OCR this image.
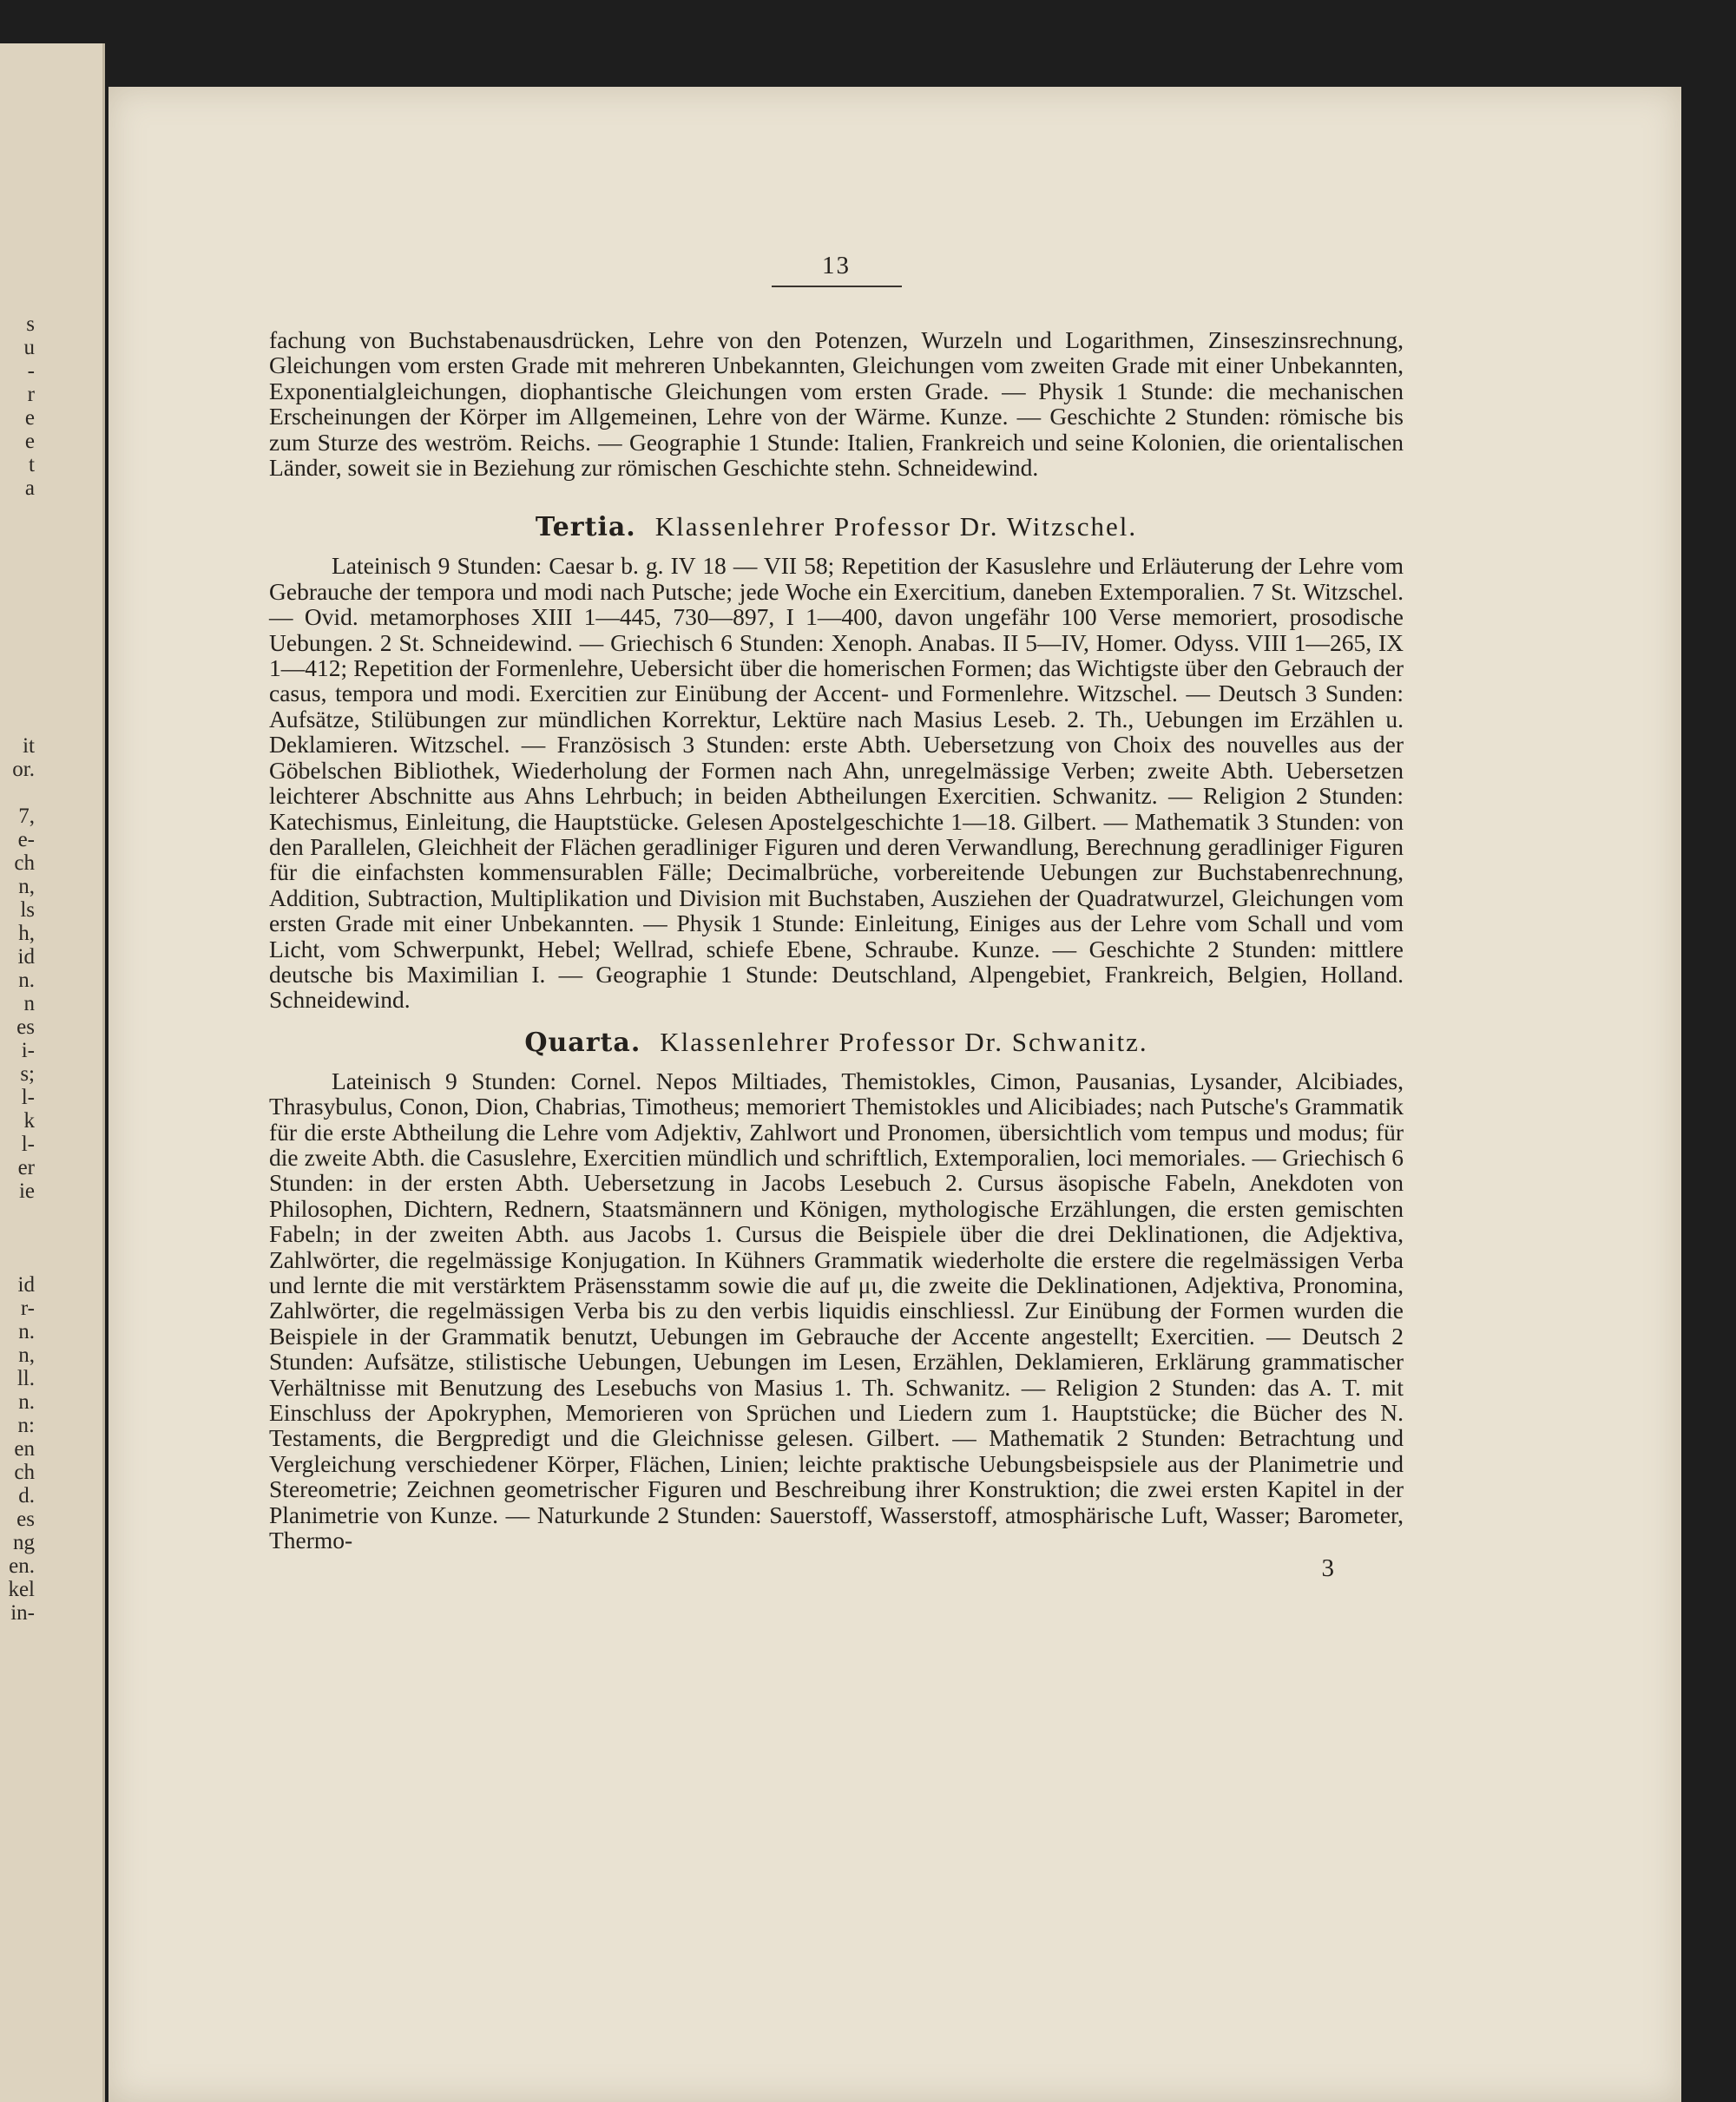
s
u
-
r
e
e
t
a

it
or.

7,
e-
ch
n,
ls
h,
id
n.
n
es
i-
s;
l-
k
l-
er
ie

id
r-
n.
n,
ll.
n.
n:
en
ch
d.
es
ng
en.
kel
in-
13

fachung von Buchstabenausdrücken, Lehre von den Potenzen, Wurzeln und Logarithmen, Zinseszinsrechnung, Gleichungen vom ersten Grade mit mehreren Unbekannten, Gleichungen vom zweiten Grade mit einer Unbekannten, Exponentialgleichungen, diophantische Gleichungen vom ersten Grade. — Physik 1 Stunde: die mechanischen Erscheinungen der Körper im Allgemeinen, Lehre von der Wärme. Kunze. — Geschichte 2 Stunden: römische bis zum Sturze des weström. Reichs. — Geographie 1 Stunde: Italien, Frankreich und seine Kolonien, die orientalischen Länder, soweit sie in Beziehung zur römischen Geschichte stehn. Schneidewind.

Tertia. Klassenlehrer Professor Dr. Witzschel.

Lateinisch 9 Stunden: Caesar b. g. IV 18 — VII 58; Repetition der Kasuslehre und Erläuterung der Lehre vom Gebrauche der tempora und modi nach Putsche; jede Woche ein Exercitium, daneben Extemporalien. 7 St. Witzschel. — Ovid. metamorphoses XIII 1—445, 730—897, I 1—400, davon ungefähr 100 Verse memoriert, prosodische Uebungen. 2 St. Schneidewind. — Griechisch 6 Stunden: Xenoph. Anabas. II 5—IV, Homer. Odyss. VIII 1—265, IX 1—412; Repetition der Formenlehre, Uebersicht über die homerischen Formen; das Wichtigste über den Gebrauch der casus, tempora und modi. Exercitien zur Einübung der Accent- und Formenlehre. Witzschel. — Deutsch 3 Sunden: Aufsätze, Stilübungen zur mündlichen Korrektur, Lektüre nach Masius Leseb. 2. Th., Uebungen im Erzählen u. Deklamieren. Witzschel. — Französisch 3 Stunden: erste Abth. Uebersetzung von Choix des nouvelles aus der Göbelschen Bibliothek, Wiederholung der Formen nach Ahn, unregelmässige Verben; zweite Abth. Uebersetzen leichterer Abschnitte aus Ahns Lehrbuch; in beiden Abtheilungen Exercitien. Schwanitz. — Religion 2 Stunden: Katechismus, Einleitung, die Hauptstücke. Gelesen Apostelgeschichte 1—18. Gilbert. — Mathematik 3 Stunden: von den Parallelen, Gleichheit der Flächen geradliniger Figuren und deren Verwandlung, Berechnung geradliniger Figuren für die einfachsten kommensurablen Fälle; Decimalbrüche, vorbereitende Uebungen zur Buchstabenrechnung, Addition, Subtraction, Multiplikation und Division mit Buchstaben, Ausziehen der Quadratwurzel, Gleichungen vom ersten Grade mit einer Unbekannten. — Physik 1 Stunde: Einleitung, Einiges aus der Lehre vom Schall und vom Licht, vom Schwerpunkt, Hebel; Wellrad, schiefe Ebene, Schraube. Kunze. — Geschichte 2 Stunden: mittlere deutsche bis Maximilian I. — Geographie 1 Stunde: Deutschland, Alpengebiet, Frankreich, Belgien, Holland. Schneidewind.

Quarta. Klassenlehrer Professor Dr. Schwanitz.

Lateinisch 9 Stunden: Cornel. Nepos Miltiades, Themistokles, Cimon, Pausanias, Lysander, Alcibiades, Thrasybulus, Conon, Dion, Chabrias, Timotheus; memoriert Themistokles und Alicibiades; nach Putsche's Grammatik für die erste Abtheilung die Lehre vom Adjektiv, Zahlwort und Pronomen, übersichtlich vom tempus und modus; für die zweite Abth. die Casuslehre, Exercitien mündlich und schriftlich, Extemporalien, loci memoriales. — Griechisch 6 Stunden: in der ersten Abth. Uebersetzung in Jacobs Lesebuch 2. Cursus äsopische Fabeln, Anekdoten von Philosophen, Dichtern, Rednern, Staatsmännern und Königen, mythologische Erzählungen, die ersten gemischten Fabeln; in der zweiten Abth. aus Jacobs 1. Cursus die Beispiele über die drei Deklinationen, die Adjektiva, Zahlwörter, die regelmässige Konjugation. In Kühners Grammatik wiederholte die erstere die regelmässigen Verba und lernte die mit verstärktem Präsensstamm sowie die auf μι, die zweite die Deklinationen, Adjektiva, Pronomina, Zahlwörter, die regelmässigen Verba bis zu den verbis liquidis einschliessl. Zur Einübung der Formen wurden die Beispiele in der Grammatik benutzt, Uebungen im Gebrauche der Accente angestellt; Exercitien. — Deutsch 2 Stunden: Aufsätze, stilistische Uebungen, Uebungen im Lesen, Erzählen, Deklamieren, Erklärung grammatischer Verhältnisse mit Benutzung des Lesebuchs von Masius 1. Th. Schwanitz. — Religion 2 Stunden: das A. T. mit Einschluss der Apokryphen, Memorieren von Sprüchen und Liedern zum 1. Hauptstücke; die Bücher des N. Testaments, die Bergpredigt und die Gleichnisse gelesen. Gilbert. — Mathematik 2 Stunden: Betrachtung und Vergleichung verschiedener Körper, Flächen, Linien; leichte praktische Uebungsbeispsiele aus der Planimetrie und Stereometrie; Zeichnen geometrischer Figuren und Beschreibung ihrer Konstruktion; die zwei ersten Kapitel in der Planimetrie von Kunze. — Naturkunde 2 Stunden: Sauerstoff, Wasserstoff, atmosphärische Luft, Wasser; Barometer, Thermo-

3
